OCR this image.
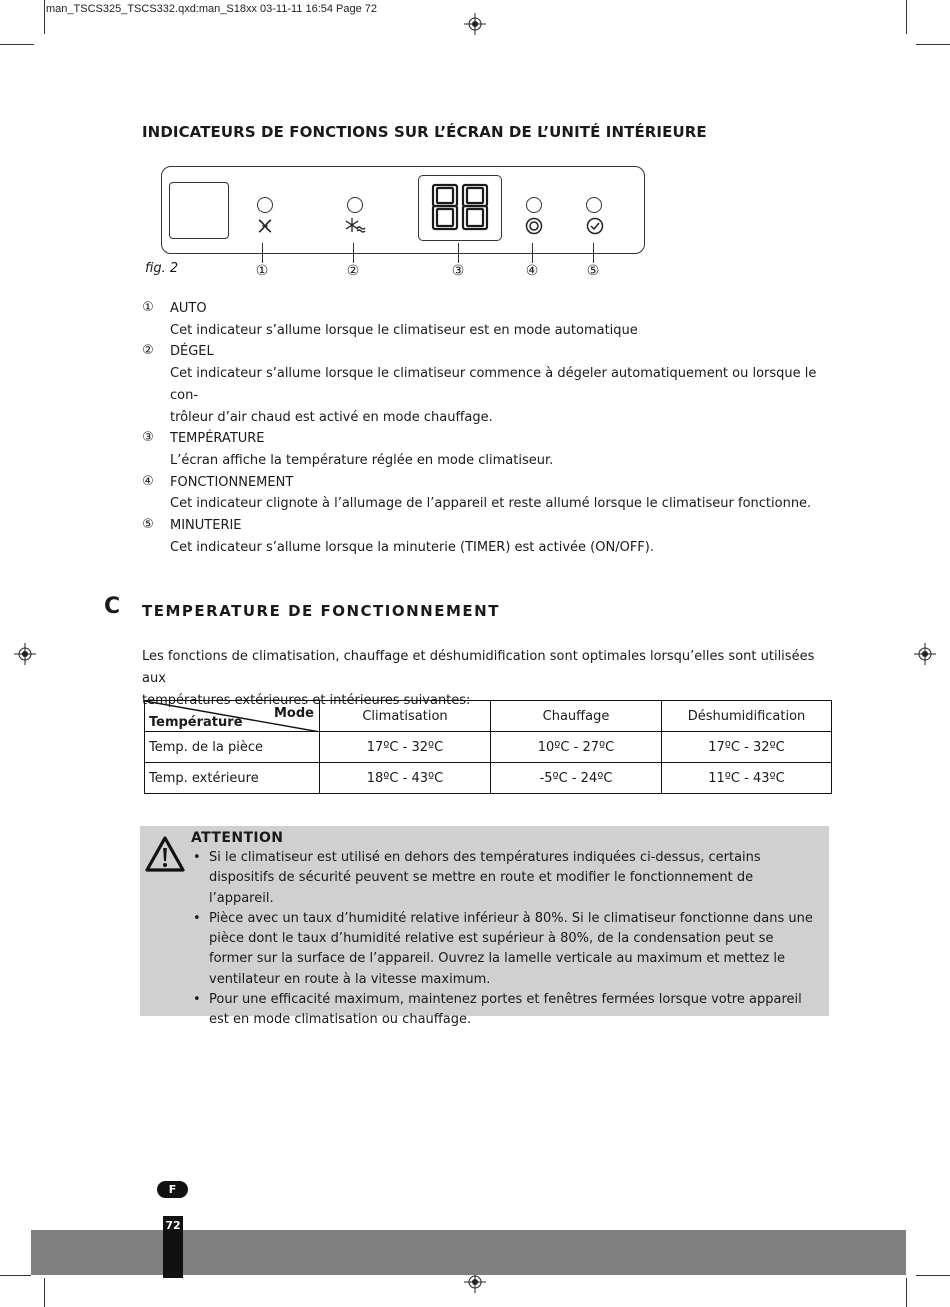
man_TSCS325_TSCS332.qxd:man_S18xx 03-11-11 16:54 Page 72
INDICATEURS DE FONCTIONS SUR L’ÉCRAN DE L’UNITÉ INTÉRIEURE
①	②	③	④	⑤
fig. 2
① AUTO
Cet indicateur s’allume lorsque le climatiseur est en mode automatique
② DÉGEL
Cet indicateur s’allume lorsque le climatiseur commence à dégeler automatiquement ou lorsque le con-
trôleur d’air chaud est activé en mode chauffage.
③ TEMPÉRATURE
L’écran affiche la température réglée en mode climatiseur.
④ FONCTIONNEMENT
Cet indicateur clignote à l’allumage de l’appareil et reste allumé lorsque le climatiseur fonctionne.
⑤ MINUTERIE
Cet indicateur s’allume lorsque la minuterie (TIMER) est activée (ON/OFF).
C TEMPERATURE DE FONCTIONNEMENT
Les fonctions de climatisation, chauffage et déshumidification sont optimales lorsqu’elles sont utilisées aux
températures extérieures et intérieures suivantes:
Mode
Température	Climatisation	Chauffage	Déshumidification
Temp. de la pièce	17ºC - 32ºC	10ºC - 27ºC	17ºC - 32ºC
Temp. extérieure	18ºC - 43ºC	-5ºC - 24ºC	11ºC - 43ºC
ATTENTION
• Si le climatiseur est utilisé en dehors des températures indiquées ci-dessus, certains dispositifs de sécurité peuvent se mettre en route et modifier le fonctionnement de l’appareil.
• Pièce avec un taux d’humidité relative inférieur à 80%. Si le climatiseur fonctionne dans une pièce dont le taux d’humidité relative est supérieur à 80%, de la condensation peut se former sur la surface de l’appareil. Ouvrez la lamelle verticale au maximum et mettez le ventilateur en route à la vitesse maximum.
• Pour une efficacité maximum, maintenez portes et fenêtres fermées lorsque votre appareil est en mode climatisation ou chauffage.
F
72
